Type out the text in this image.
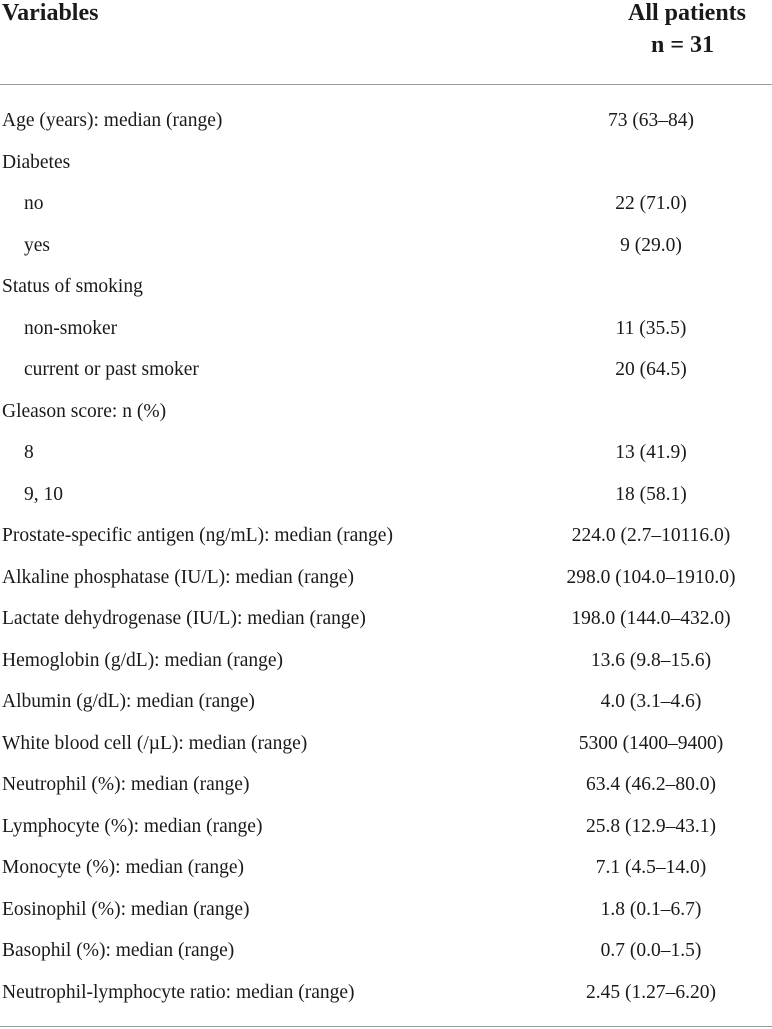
Variables	All patients
n = 31
Age (years): median (range)	73 (63–84)
Diabetes
no	22 (71.0)
yes	9 (29.0)
Status of smoking
non-smoker	11 (35.5)
current or past smoker	20 (64.5)
Gleason score: n (%)
8	13 (41.9)
9, 10	18 (58.1)
Prostate-specific antigen (ng/mL): median (range)	224.0 (2.7–10116.0)
Alkaline phosphatase (IU/L): median (range)	298.0 (104.0–1910.0)
Lactate dehydrogenase (IU/L): median (range)	198.0 (144.0–432.0)
Hemoglobin (g/dL): median (range)	13.6 (9.8–15.6)
Albumin (g/dL): median (range)	4.0 (3.1–4.6)
White blood cell (/µL): median (range)	5300 (1400–9400)
Neutrophil (%): median (range)	63.4 (46.2–80.0)
Lymphocyte (%): median (range)	25.8 (12.9–43.1)
Monocyte (%): median (range)	7.1 (4.5–14.0)
Eosinophil (%): median (range)	1.8 (0.1–6.7)
Basophil (%): median (range)	0.7 (0.0–1.5)
Neutrophil-lymphocyte ratio: median (range)	2.45 (1.27–6.20)
